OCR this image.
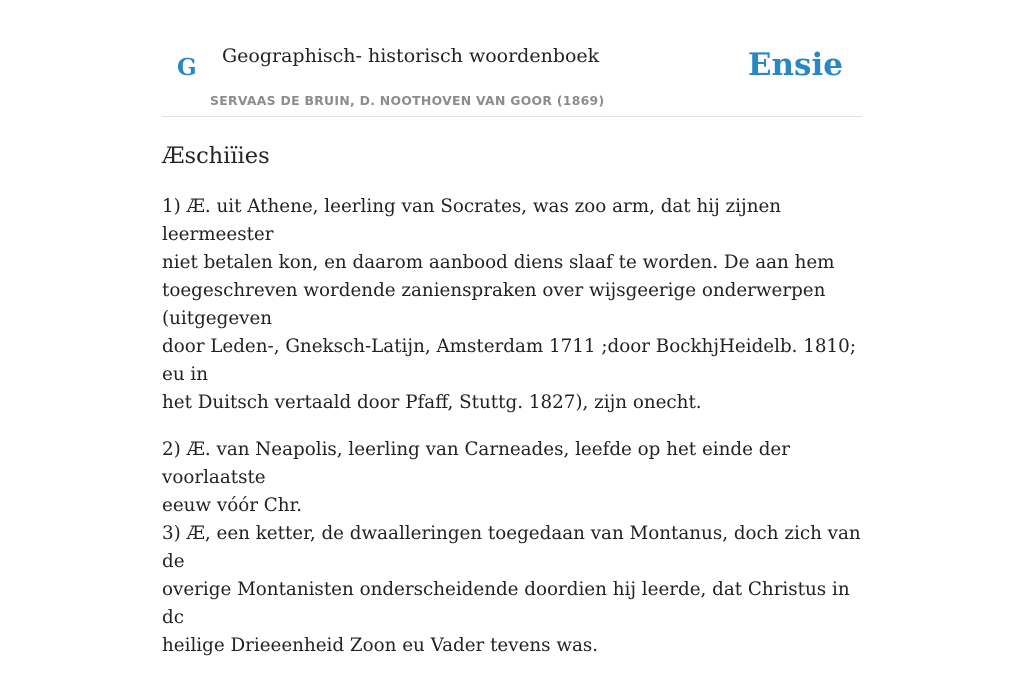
G Geographisch- historisch woordenboek
SERVAAS DE BRUIN, D. NOOTHOVEN VAN GOOR (1869)
Ensie
Æschiïies

1) Æ. uit Athene, leerling van Socrates, was zoo arm, dat hij zijnen leermeester
niet betalen kon, en daarom aanbood diens slaaf te worden. De aan hem
toegeschreven wordende zanienspraken over wijsgeerige onderwerpen (uitgegeven
door Leden-, Gneksch-Latijn, Amsterdam 1711 ;door BockhjHeidelb. 1810; eu in
het Duitsch vertaald door Pfaff, Stuttg. 1827), zijn onecht.

2) Æ. van Neapolis, leerling van Carneades, leefde op het einde der voorlaatste
eeuw vóór Chr.
3) Æ, een ketter, de dwaalleringen toegedaan van Montanus, doch zich van de
overige Montanisten onderscheidende doordien hij leerde, dat Christus in dc
heilige Drieeenheid Zoon eu Vader tevens was.
